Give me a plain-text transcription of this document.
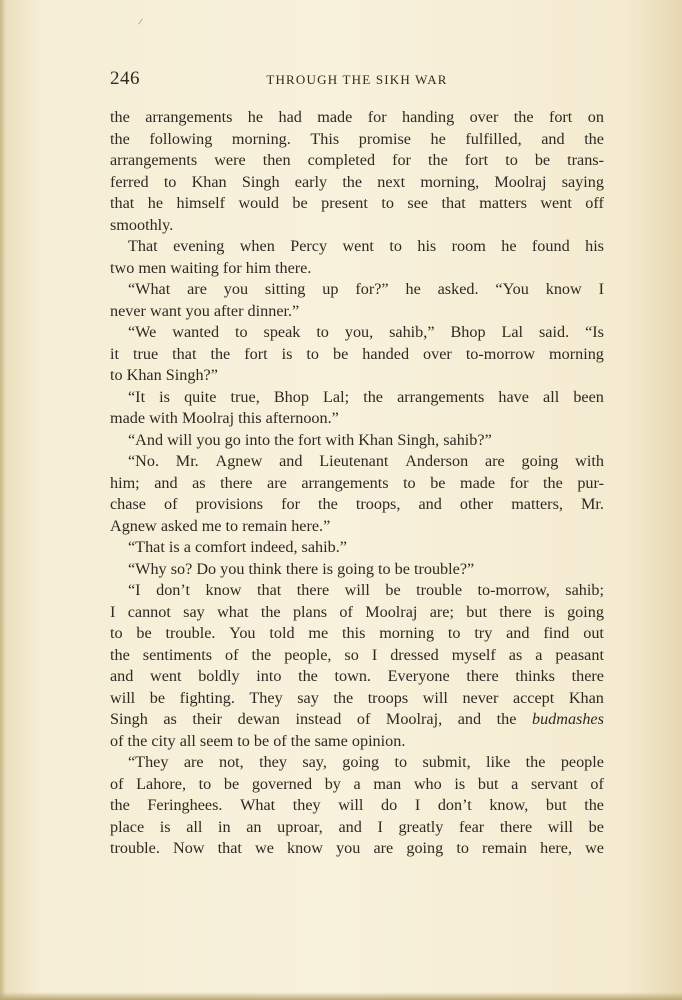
246	THROUGH THE SIKH WAR
the arrangements he had made for handing over the fort on
the following morning. This promise he fulfilled, and the
arrangements were then completed for the fort to be trans-
ferred to Khan Singh early the next morning, Moolraj saying
that he himself would be present to see that matters went off
smoothly.
That evening when Percy went to his room he found his
two
men
waiting
for
him
there.
“What are you sitting up for?” he asked. “You know I
never
want
you
after
dinner.”
“We wanted to speak to you, sahib,” Bhop Lal said. “Is
it true that the fort is to be handed over to-morrow morning
to
Khan
Singh?”
“It is quite true, Bhop Lal; the arrangements have all been
made
with
Moolraj
this
afternoon.”
“And
will
you
go
into
the
fort
with
Khan
Singh,
sahib?”
“No. Mr. Agnew and Lieutenant Anderson are going with
him; and as there are arrangements to be made for the pur-
chase of provisions for the troops, and other matters, Mr.
Agnew
asked
me
to
remain
here.”
“That
is
a
comfort
indeed,
sahib.”
“Why
so?
Do
you
think
there
is
going
to
be
trouble?”
“I don’t know that there will be trouble to-morrow, sahib;
I cannot say what the plans of Moolraj are; but there is going
to be trouble. You told me this morning to try and find out
the sentiments of the people, so I dressed myself as a peasant
and went boldly into the town. Everyone there thinks there
will be fighting. They say the troops will never accept Khan
Singh as their dewan instead of Moolraj, and the budmashes
of
the
city
all
seem
to
be
of
the
same
opinion.
“They are not, they say, going to submit, like the people
of Lahore, to be governed by a man who is but a servant of
the Feringhees. What they will do I don’t know, but the
place is all in an uproar, and I greatly fear there will be
trouble. Now that we know you are going to remain here, we
